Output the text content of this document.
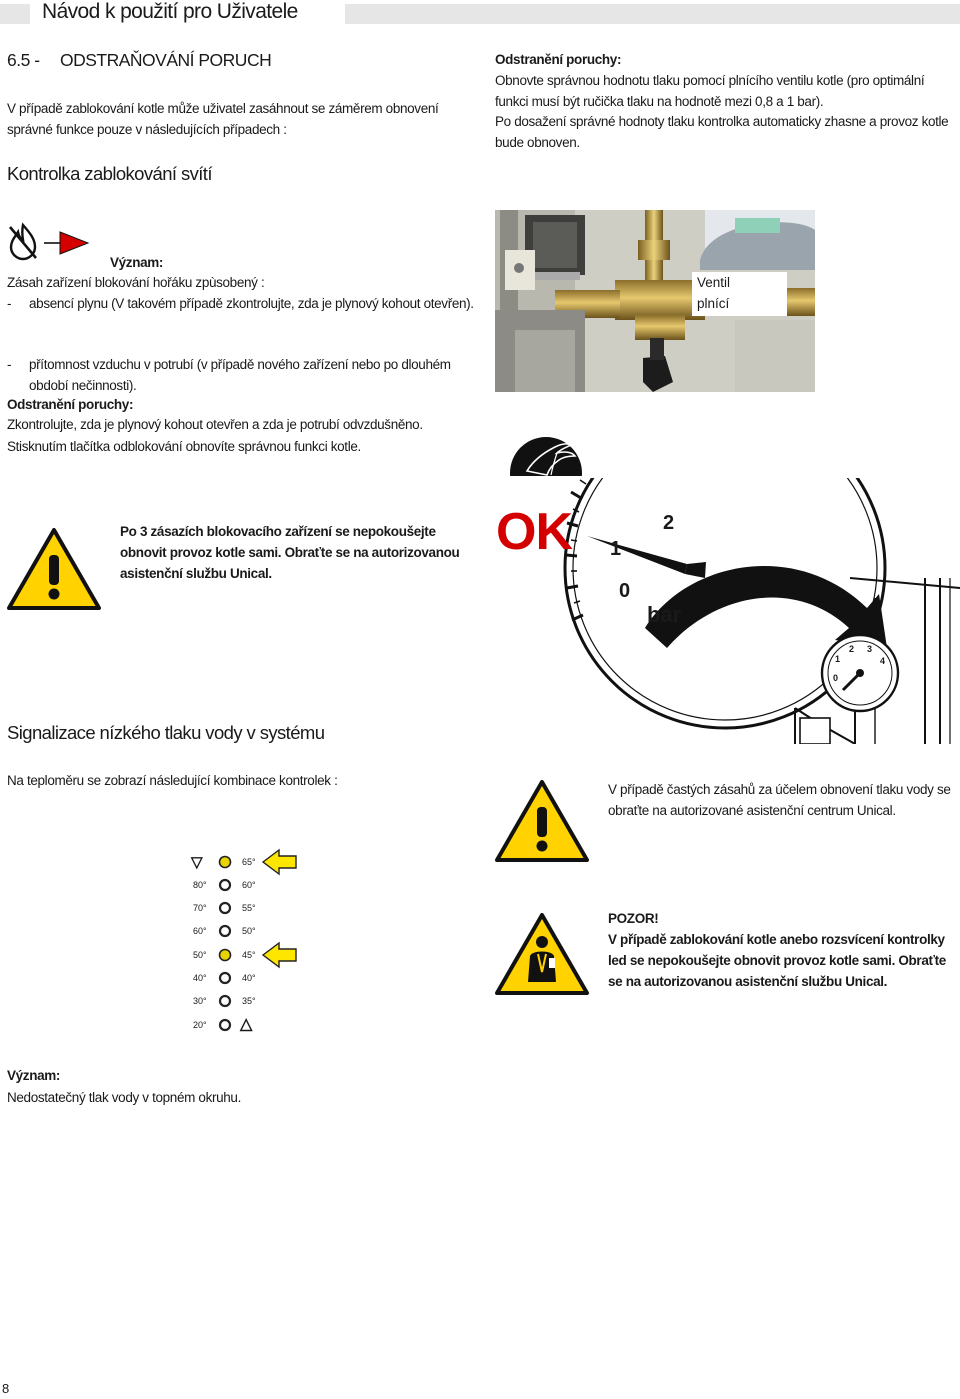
Návod k použití pro Uživatele
6.5 - ODSTRAŇOVÁNÍ PORUCH
V případě zablokování kotle může uživatel zasáhnout se záměrem obnovení správné funkce pouze v následujících případech :
Odstranění poruchy:
Obnovte správnou hodnotu tlaku pomocí plnícího ventilu kotle (pro optimální funkci musí být ručička tlaku na hodnotě mezi 0,8 a 1 bar).
Po dosažení správné hodnoty tlaku kontrolka automaticky zhasne a provoz kotle bude obnoven.
Kontrolka zablokování svítí
Význam:
Zásah zařízení blokování hořáku zpùsobený :
- absencí plynu (V takovém případě zkontrolujte, zda je plynový kohout otevřen).
- přítomnost vzduchu v potrubí (v případě nového zařízení nebo po dlouhém období nečinnosti).
Odstranění poruchy:
Zkontrolujte, zda je plynový kohout otevřen a zda je potrubí odvzdušněno.
Stisknutím tlačítka odblokování obnovíte správnou funkci kotle.
Ventil
plnící
OK	2
1
0
bar
0
1
2 3
4
Po 3 zásazích blokovacího zařízení se nepokoušejte obnovit provoz kotle sami. Obraťte se na autorizovanou asistenční službu Unical.
Signalizace nízkého tlaku vody v systému
Na teploměru se zobrazí následující kombinace kontrolek :
▽	65°
80°	60°
70°	55°
60°	50°
50°	45°
40°	40°
30°	35°
20° △
Význam:
Nedostatečný tlak vody v topném okruhu.
V případě častých zásahů za účelem obnovení tlaku vody se obraťte na autorizované asistenční centrum Unical.
POZOR!
V případě zablokování kotle anebo rozsvícení kontrolky led se nepokoušejte obnovit provoz kotle sami. Obraťte se na autorizovanou asistenční službu Unical.
8
